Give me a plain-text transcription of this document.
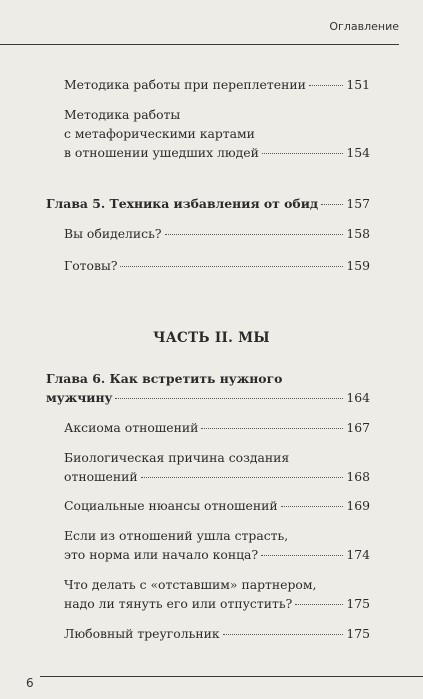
Оглавление
Методика работы при переплетении	151
Методика работы
с метафорическими картами
в отношении ушедших людей	154
Глава 5. Техника избавления от обид 157
Вы обиделись?	158
Готовы?	159
ЧАСТЬ II. МЫ
Глава 6. Как встретить нужного
мужчину	164
Аксиома отношений	167
Биологическая причина создания
отношений	168
Социальные нюансы отношений	169
Если из отношений ушла страсть,
это норма или начало конца?	174
Что делать с «отставшим» партнером,
надо ли тянуть его или отпустить?	175
Любовный треугольник	175
6
